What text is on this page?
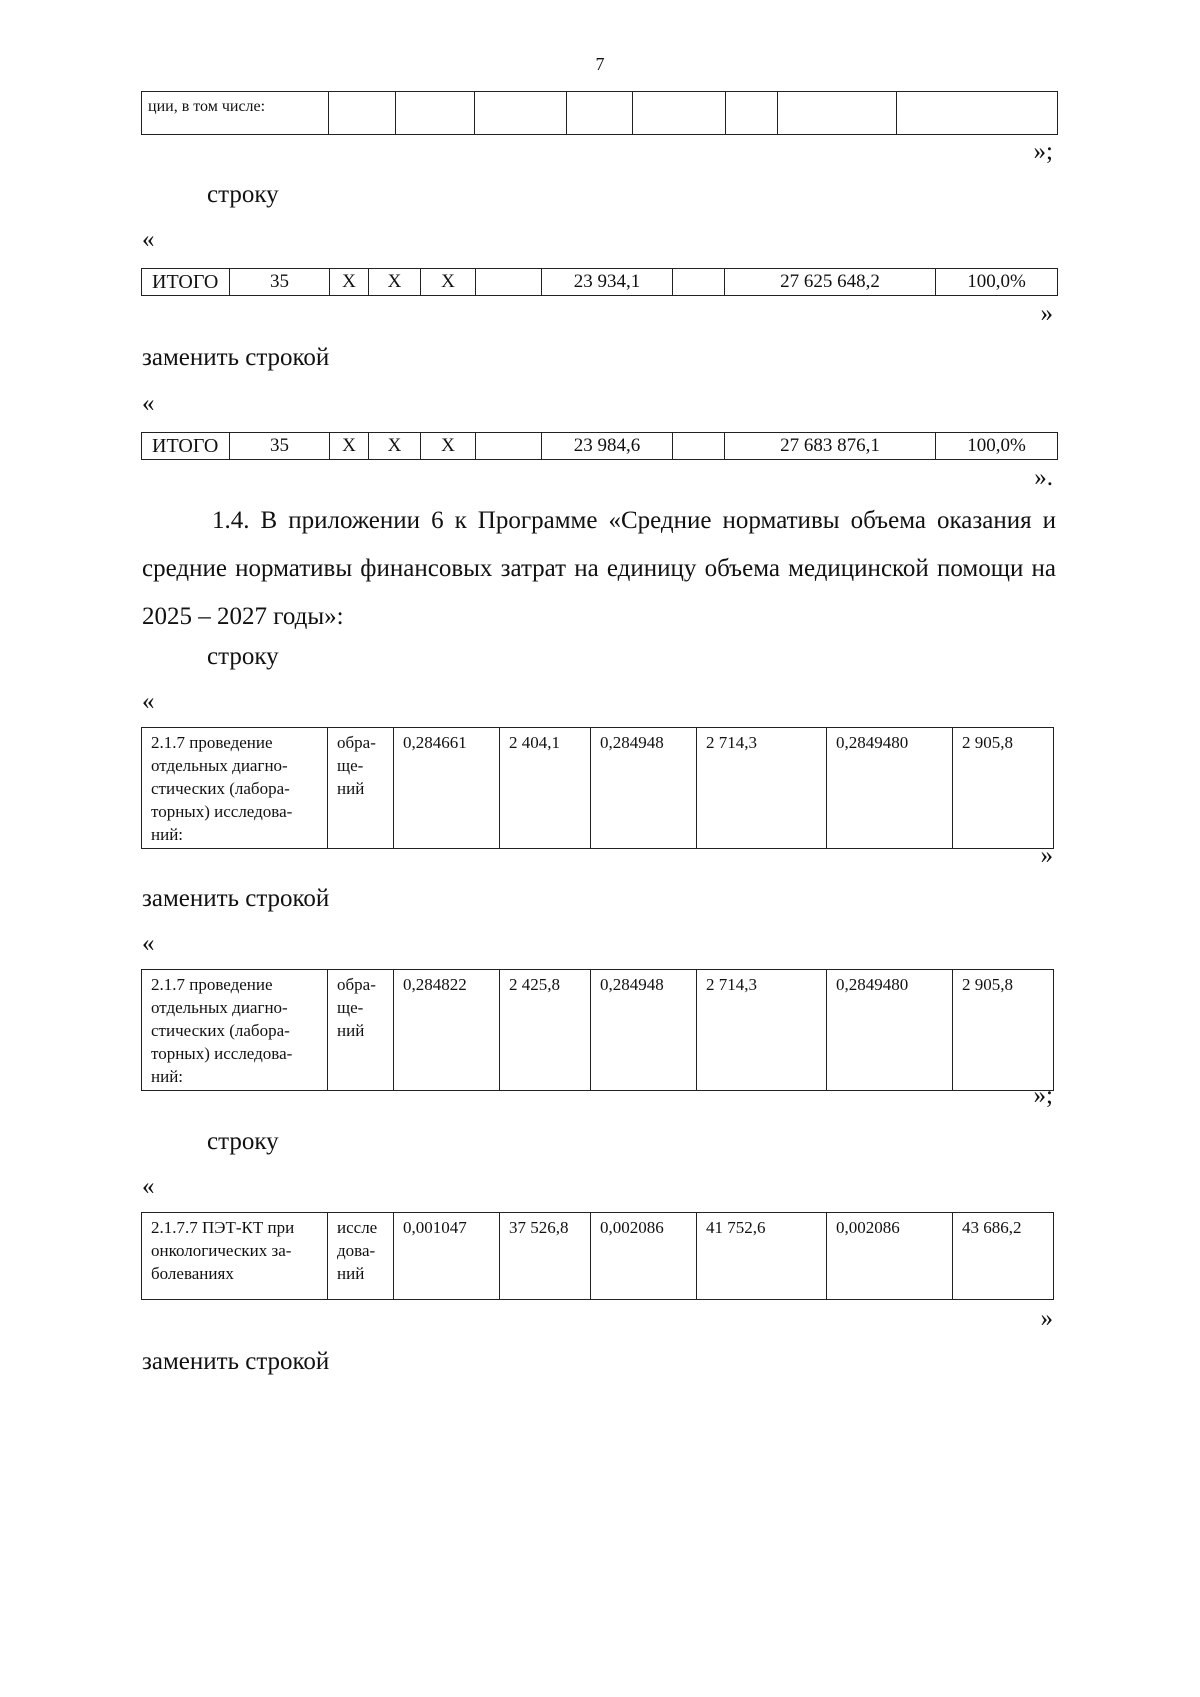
7
ции, в том числе:									
»;
строку
«
ИТОГО	35	X	X	X		23 934,1		27 625 648,2	100,0%
»
заменить строкой
«
ИТОГО	35	X	X	X		23 984,6		27 683 876,1	100,0%
».
1.4. В приложении 6 к Программе «Средние нормативы объема оказания и средние нормативы финансовых затрат на единицу объема медицинской помощи на 2025 – 2027 годы»:
строку
«
2.1.7 проведение отдельных диагно-стических (лабора-торных) исследова-ний:	обра-ще-ний	0,284661	2 404,1	0,284948	2 714,3	0,2849480	2 905,8
»
заменить строкой
«
2.1.7 проведение отдельных диагно-стических (лабора-торных) исследова-ний:	обра-ще-ний	0,284822	2 425,8	0,284948	2 714,3	0,2849480	2 905,8
»;
строку
«
2.1.7.7 ПЭТ-КТ при онкологических за-болеваниях	иссле дова-ний	0,001047	37 526,8	0,002086	41 752,6	0,002086	43 686,2
»
заменить строкой
